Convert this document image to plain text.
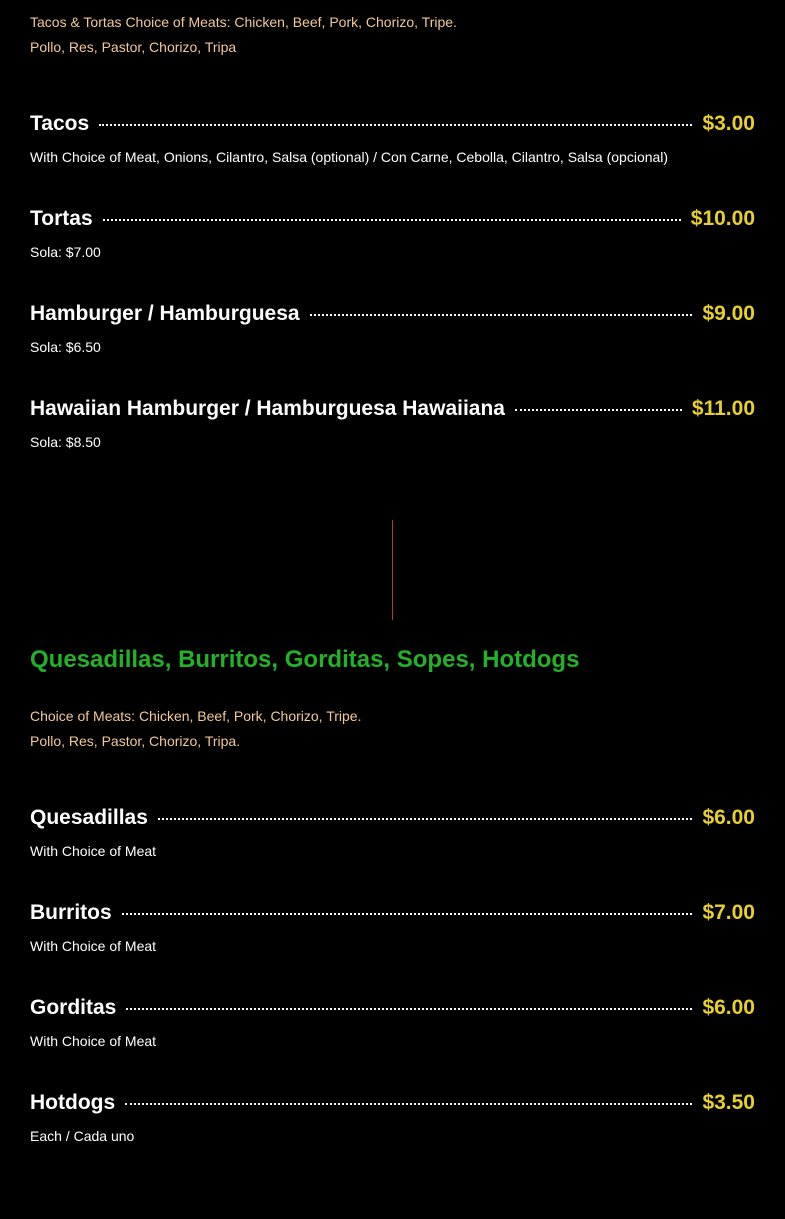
Tacos & Tortas Choice of Meats: Chicken, Beef, Pork, Chorizo, Tripe.
Pollo, Res, Pastor, Chorizo, Tripa
Tacos	$3.00
With Choice of Meat, Onions, Cilantro, Salsa (optional) / Con Carne, Cebolla, Cilantro, Salsa (opcional)
Tortas	$10.00
Sola: $7.00
Hamburger / Hamburguesa	$9.00
Sola: $6.50
Hawaiian Hamburger / Hamburguesa Hawaiiana	$11.00
Sola: $8.50
Quesadillas, Burritos, Gorditas, Sopes, Hotdogs
Choice of Meats: Chicken, Beef, Pork, Chorizo, Tripe.
Pollo, Res, Pastor, Chorizo, Tripa.
Quesadillas	$6.00
With Choice of Meat
Burritos	$7.00
With Choice of Meat
Gorditas	$6.00
With Choice of Meat
Hotdogs	$3.50
Each / Cada uno
